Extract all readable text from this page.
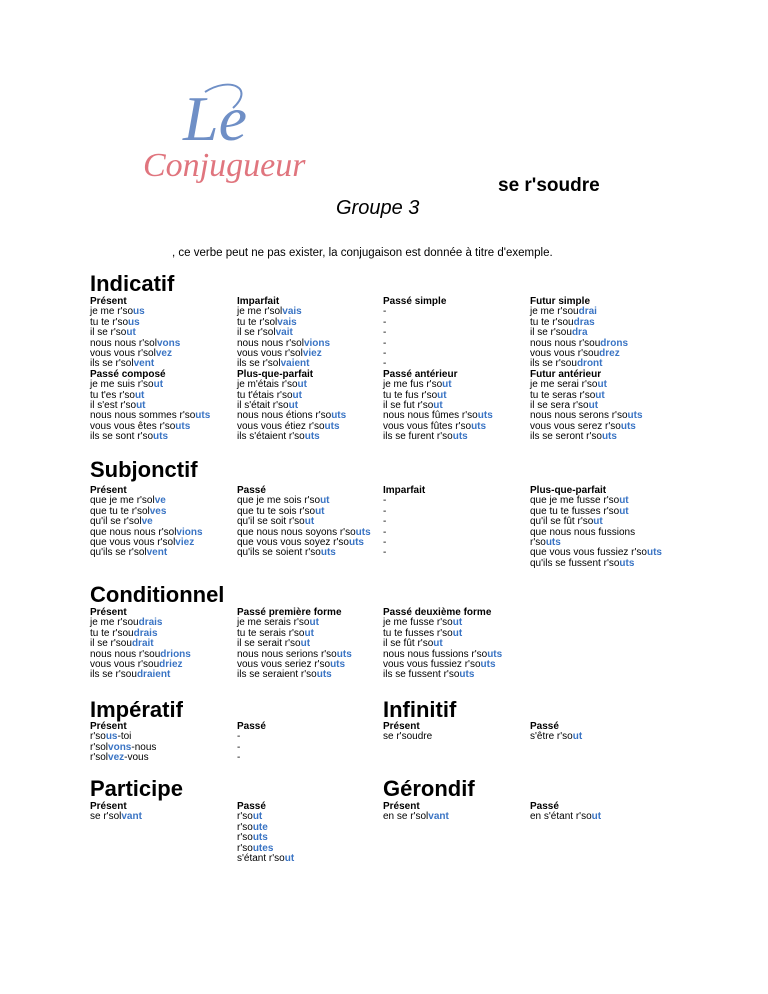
Le
Conjugueur
se r'soudre
Groupe 3
, ce verbe peut ne pas exister, la conjugaison est donnée à titre d'exemple.
Indicatif
Subjonctif
Conditionnel
Impératif	Infinitif
Participe	Gérondif
Présent
je me r'sous
tu te r'sous
il se r'sout
nous nous r'solvons
vous vous r'solvez
ils se r'solvent
Passé composé
je me suis r'sout
tu t'es r'sout
il s'est r'sout
nous nous sommes r'souts
vous vous êtes r'souts
ils se sont r'souts
Imparfait
je me r'solvais
tu te r'solvais
il se r'solvait
nous nous r'solvions
vous vous r'solviez
ils se r'solvaient
Plus-que-parfait
je m'étais r'sout
tu t'étais r'sout
il s'était r'sout
nous nous étions r'souts
vous vous étiez r'souts
ils s'étaient r'souts
Passé simple
-
-
-
-
-
-
Passé antérieur
je me fus r'sout
tu te fus r'sout
il se fut r'sout
nous nous fûmes r'souts
vous vous fûtes r'souts
ils se furent r'souts
Futur simple
je me r'soudrai
tu te r'soudras
il se r'soudra
nous nous r'soudrons
vous vous r'soudrez
ils se r'soudront
Futur antérieur
je me serai r'sout
tu te seras r'sout
il se sera r'sout
nous nous serons r'souts
vous vous serez r'souts
ils se seront r'souts
Présent
que je me r'solve
que tu te r'solves
qu'il se r'solve
que nous nous r'solvions
que vous vous r'solviez
qu'ils se r'solvent
Passé
que je me sois r'sout
que tu te sois r'sout
qu'il se soit r'sout
que nous nous soyons r'souts
que vous vous soyez r'souts
qu'ils se soient r'souts
Imparfait
-
-
-
-
-
-
Plus-que-parfait
que je me fusse r'sout
que tu te fusses r'sout
qu'il se fût r'sout
que nous nous fussions
r'souts
que vous vous fussiez r'souts
qu'ils se fussent r'souts
Présent
je me r'soudrais
tu te r'soudrais
il se r'soudrait
nous nous r'soudrions
vous vous r'soudriez
ils se r'soudraient
Passé première forme
je me serais r'sout
tu te serais r'sout
il se serait r'sout
nous nous serions r'souts
vous vous seriez r'souts
ils se seraient r'souts
Passé deuxième forme
je me fusse r'sout
tu te fusses r'sout
il se fût r'sout
nous nous fussions r'souts
vous vous fussiez r'souts
ils se fussent r'souts
Présent
r'sous-toi
r'solvons-nous
r'solvez-vous
Passé
-
-
-
Présent
se r'soudre
Passé
s'être r'sout
Présent
se r'solvant
Passé
r'sout
r'soute
r'souts
r'soutes
s'étant r'sout
Présent
en se r'solvant
Passé
en s'étant r'sout
